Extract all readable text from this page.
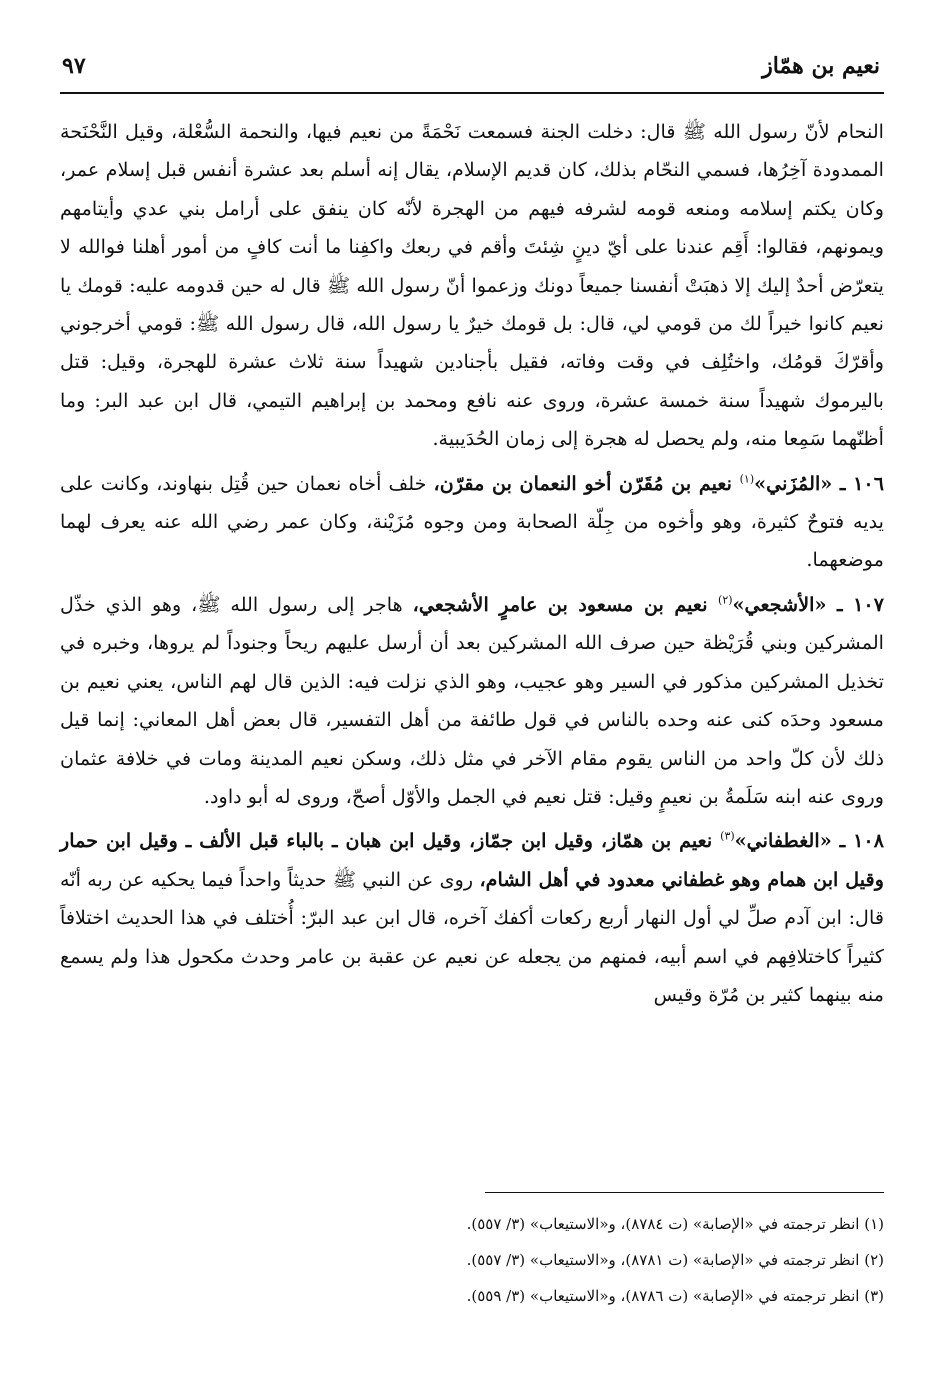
نعيم بن همّاز
٩٧

النحام لأنّ رسول الله ﷺ قال: دخلت الجنة فسمعت نَحْمَةً من نعيم فيها، والنحمة السُّعْلة، وقيل النَّحْنَحة الممدودة آخِرُها، فسمي النحّام بذلك، كان قديم الإسلام، يقال إنه أسلم بعد عشرة أنفس قبل إسلام عمر، وكان يكتم إسلامه ومنعه قومه لشرفه فيهم من الهجرة لأنّه كان ينفق على أرامل بني عدي وأيتامهم ويمونهم، فقالوا: أَقِم عندنا على أيّ دينٍ شِئتَ وأقم في ربعك واكفِنا ما أنت كافٍ من أمور أهلنا فوالله لا يتعرّض أحدٌ إليك إلا ذهبَتْ أنفسنا جميعاً دونك وزعموا أنّ رسول الله ﷺ قال له حين قدومه عليه: قومك يا نعيم كانوا خيراً لك من قومي لي، قال: بل قومك خيرٌ يا رسول الله، قال رسول الله ﷺ: قومي أخرجوني وأقرّكَ قومُك، واختُلِف في وقت وفاته، فقيل بأجنادين شهيداً سنة ثلاث عشرة للهجرة، وقيل: قتل باليرموك شهيداً سنة خمسة عشرة، وروى عنه نافع ومحمد بن إبراهيم التيمي، قال ابن عبد البر: وما أظنّهما سَمِعا منه، ولم يحصل له هجرة إلى زمان الحُدَيبية.

١٠٦ ـ «المُزَني»$^{(١)}$ نعيم بن مُقَرّن أخو النعمان بن مقرّن، خلف أخاه نعمان حين قُتِل بنهاوند، وكانت على يديه فتوحٌ كثيرة، وهو وأخوه من جِلّة الصحابة ومن وجوه مُزَيْنة، وكان عمر رضي الله عنه يعرف لهما موضعهما.

١٠٧ ـ «الأشجعي»$^{(٢)}$ نعيم بن مسعود بن عامرٍ الأشجعي، هاجر إلى رسول الله ﷺ، وهو الذي خذّل المشركين وبني قُرَيْظة حين صرف الله المشركين بعد أن أرسل عليهم ريحاً وجنوداً لم يروها، وخبره في تخذيل المشركين مذكور في السير وهو عجيب، وهو الذي نزلت فيه: الذين قال لهم الناس، يعني نعيم بن مسعود وحدَه كنى عنه وحده بالناس في قول طائفة من أهل التفسير، قال بعض أهل المعاني: إنما قيل ذلك لأن كلّ واحد من الناس يقوم مقام الآخر في مثل ذلك، وسكن نعيم المدينة ومات في خلافة عثمان وروى عنه ابنه سَلَمةُ بن نعيمٍ وقيل: قتل نعيم في الجمل والأوّل أصحّ، وروى له أبو داود.

١٠٨ ـ «الغطفاني»$^{(٣)}$ نعيم بن همّاز، وقيل ابن جمّاز، وقيل ابن هبان ـ بالباء قبل الألف ـ وقيل ابن حمار وقيل ابن همام وهو غطفاني معدود في أهل الشام، روى عن النبي ﷺ حديثاً واحداً فيما يحكيه عن ربه أنّه قال: ابن آدم صلِّ لي أول النهار أربع ركعات أكفك آخره، قال ابن عبد البرّ: أُختلف في هذا الحديث اختلافاً كثيراً كاختلافِهم في اسم أبيه، فمنهم من يجعله عن نعيم عن عقبة بن عامر وحدث مكحول هذا ولم يسمع منه بينهما كثير بن مُرّة وقيس

(١) انظر ترجمته في «الإصابة» (ت ٨٧٨٤)، و«الاستيعاب» (٣/ ٥٥٧).

(٢) انظر ترجمته في «الإصابة» (ت ٨٧٨١)، و«الاستيعاب» (٣/ ٥٥٧).

(٣) انظر ترجمته في «الإصابة» (ت ٨٧٨٦)، و«الاستيعاب» (٣/ ٥٥٩).
